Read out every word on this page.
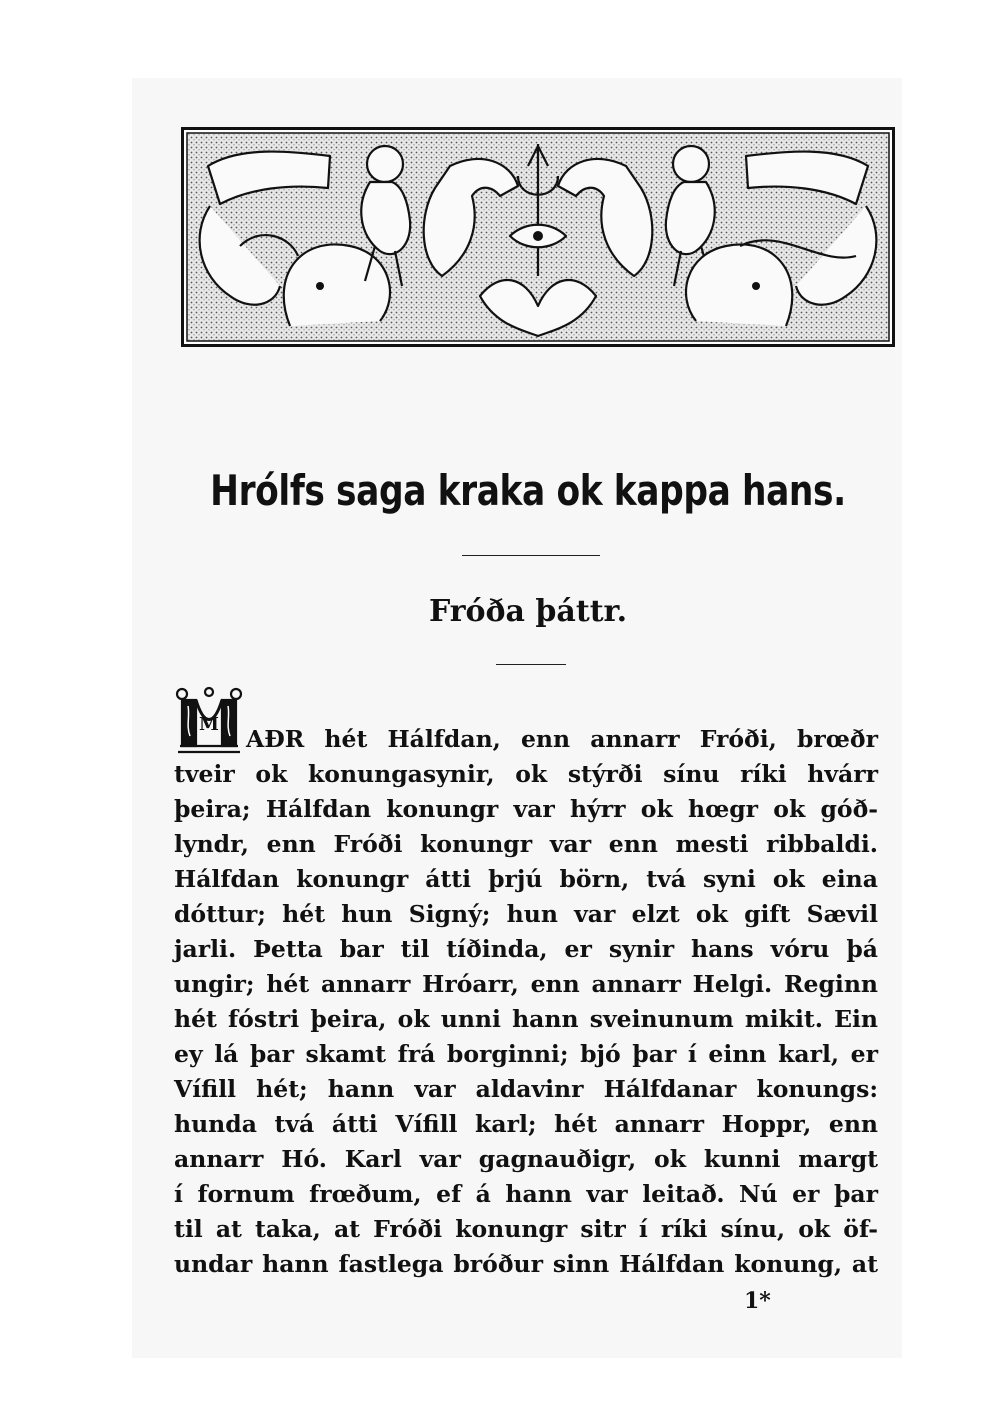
Hrólfs saga kraka ok kappa hans.
Fróða þáttr.
M
AÐR hét Hálfdan, enn annarr Fróði, brœðr
tveir ok konungasynir, ok stýrði sínu ríki hvárr
þeira; Hálfdan konungr var hýrr ok hœgr ok góð-
lyndr, enn Fróði konungr var enn mesti ribbaldi.
Hálfdan konungr átti þrjú börn, tvá syni ok eina
dóttur; hét hun Signý; hun var elzt ok gift Sævil
jarli. Þetta bar til tíðinda, er synir hans vóru þá
ungir; hét annarr Hróarr, enn annarr Helgi. Reginn
hét fóstri þeira, ok unni hann sveinunum mikit. Ein
ey lá þar skamt frá borginni; bjó þar í einn karl, er
Vífill hét; hann var aldavinr Hálfdanar konungs:
hunda tvá átti Vífill karl; hét annarr Hoppr, enn
annarr Hó. Karl var gagnauðigr, ok kunni margt
í fornum frœðum, ef á hann var leitað. Nú er þar
til at taka, at Fróði konungr sitr í ríki sínu, ok öf-
undar hann fastlega bróður sinn Hálfdan konung, at
1*
